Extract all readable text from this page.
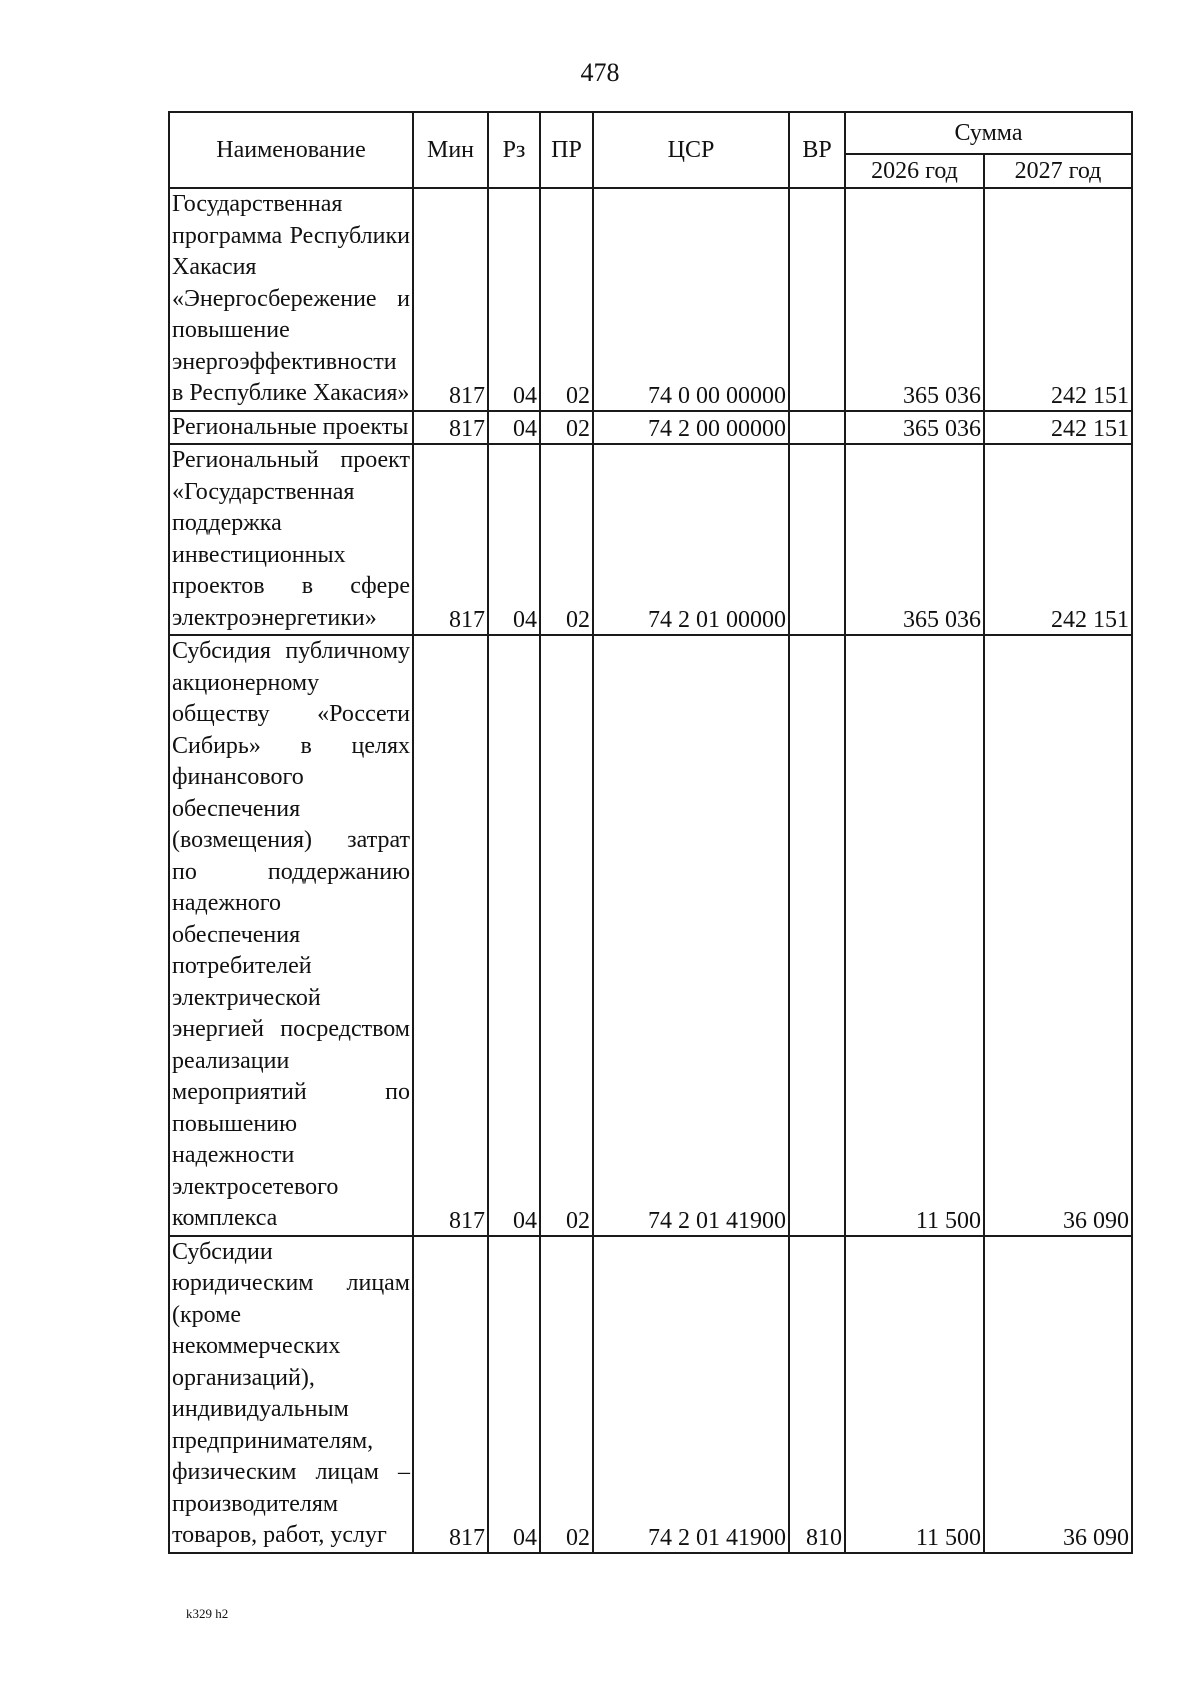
478
Наименование	Мин	Рз	ПР	ЦСР	ВР	Сумма	
						2026 год	2027 год
Государственная программа Республики Хакасия «Энергосбережение и повышение энергоэффективности в Республике Хакасия»	817	04	02	74 0 00 00000		365 036	242 151
Региональные проекты	817	04	02	74 2 00 00000		365 036	242 151
Региональный проект «Государственная поддержка инвестиционных проектов в сфере электроэнергетики»	817	04	02	74 2 01 00000		365 036	242 151
Субсидия публичному акционерному обществу «Россети Сибирь» в целях финансового обеспечения (возмещения) затрат по поддержанию надежного обеспечения потребителей электрической энергией посредством реализации мероприятий по повышению надежности электросетевого комплекса	817	04	02	74 2 01 41900		11 500	36 090
Субсидии юридическим лицам (кроме некоммерческих организаций), индивидуальным предпринимателям, физическим лицам – производителям товаров, работ, услуг	817	04	02	74 2 01 41900	810	11 500	36 090
k329 h2
